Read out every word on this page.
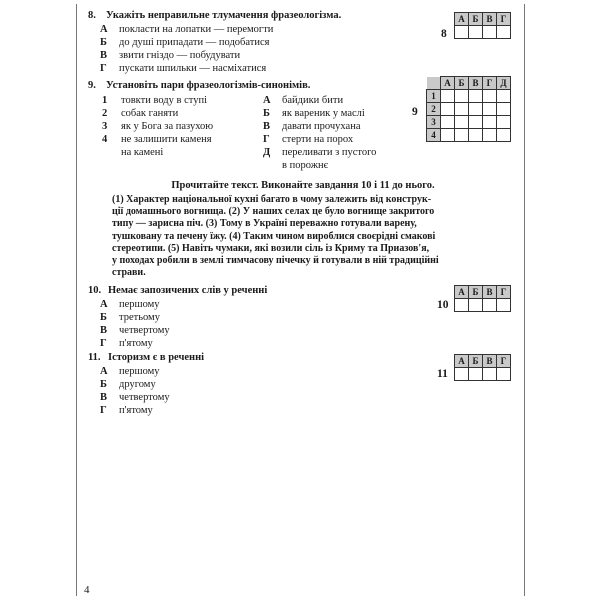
8. Укажіть неправильне тлумачення фразеологізма.
А покласти на лопатки — перемогти
Б до душі припадати — подобатися
В звити гніздо — побудувати
Г пускати шпильки — насміхатися
8
А	Б	В	Г

9. Установіть пари фразеологізмів-синонімів.
1 товкти воду в ступі
2 собак ганяти
3 як у Бога за пазухою
4 не залишити каменя
на камені
А байдики бити
Б як вареник у маслі
В давати прочухана
Г стерти на порох
Д переливати з пустого
в порожнє
9
	А	Б	В	Г	Д
1					
2					
3					
4					
Прочитайте текст. Виконайте завдання 10 і 11 до нього.
(1) Характер національної кухні багато в чому залежить від конструк-
ції домашнього вогнища. (2) У наших селах це було вогнище закритого
типу — зарисна піч. (3) Тому в Україні переважно готували варену,
тушковану та печену їжу. (4) Таким чином вироблися своєрідні смакові
стереотипи. (5) Навіть чумаки, які возили сіль із Криму та Приазов'я,
у походах робили в землі тимчасову пічечку й готували в ній традиційні
страви.
10. Немає запозичених слів у реченні
А першому
Б третьому
В четвертому
Г п'ятому
10
А	Б	В	Г

11. Історизм є в реченні
А першому
Б другому
В четвертому
Г п'ятому
11
А	Б	В	Г

4
